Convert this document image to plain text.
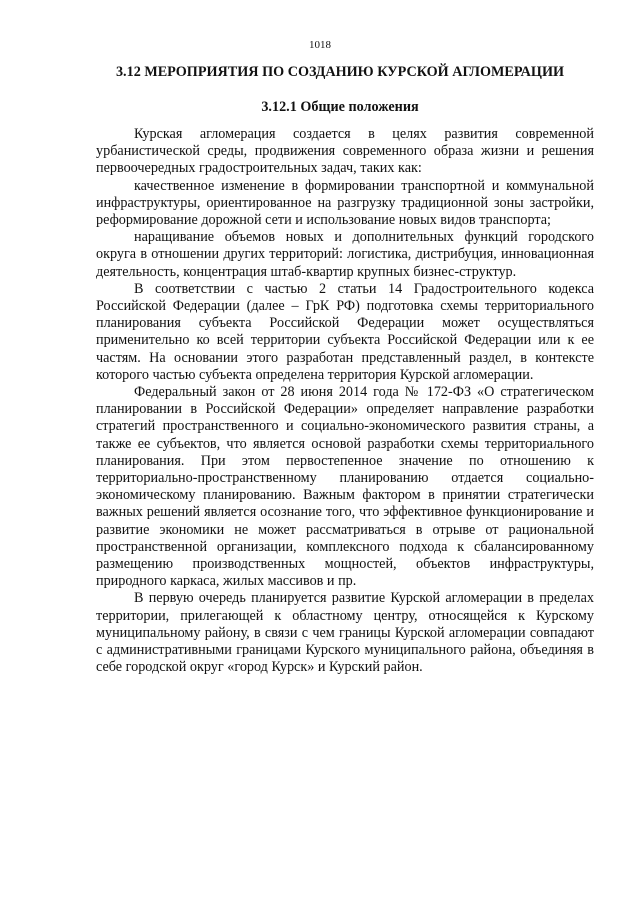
1018
3.12 МЕРОПРИЯТИЯ ПО СОЗДАНИЮ КУРСКОЙ АГЛОМЕРАЦИИ
3.12.1 Общие положения

Курская агломерация создается в целях развития современной урбанистической среды, продвижения современного образа жизни и решения первоочередных градостроительных задач, таких как:

качественное изменение в формировании транспортной и коммунальной инфраструктуры, ориентированное на разгрузку традиционной зоны застройки, реформирование дорожной сети и использование новых видов транспорта;

наращивание объемов новых и дополнительных функций городского округа в отношении других территорий: логистика, дистрибуция, инновационная деятельность, концентрация штаб-квартир крупных бизнес-структур.

В соответствии с частью 2 статьи 14 Градостроительного кодекса Российской Федерации (далее – ГрК РФ) подготовка схемы территориального планирования субъекта Российской Федерации может осуществляться применительно ко всей территории субъекта Российской Федерации или к ее частям. На основании этого разработан представленный раздел, в контексте которого частью субъекта определена территория Курской агломерации.

Федеральный закон от 28 июня 2014 года № 172-ФЗ «О стратегическом планировании в Российской Федерации» определяет направление разработки стратегий пространственного и социально-экономического развития страны, а также ее субъектов, что является основой разработки схемы территориального планирования. При этом первостепенное значение по отношению к территориально-пространственному планированию отдается социально-экономическому планированию. Важным фактором в принятии стратегически важных решений является осознание того, что эффективное функционирование и развитие экономики не может рассматриваться в отрыве от рациональной пространственной организации, комплексного подхода к сбалансированному размещению производственных мощностей, объектов инфраструктуры, природного каркаса, жилых массивов и пр.

В первую очередь планируется развитие Курской агломерации в пределах территории, прилегающей к областному центру, относящейся к Курскому муниципальному району, в связи с чем границы Курской агломерации совпадают с административными границами Курского муниципального района, объединяя в себе городской округ «город Курск» и Курский район.
